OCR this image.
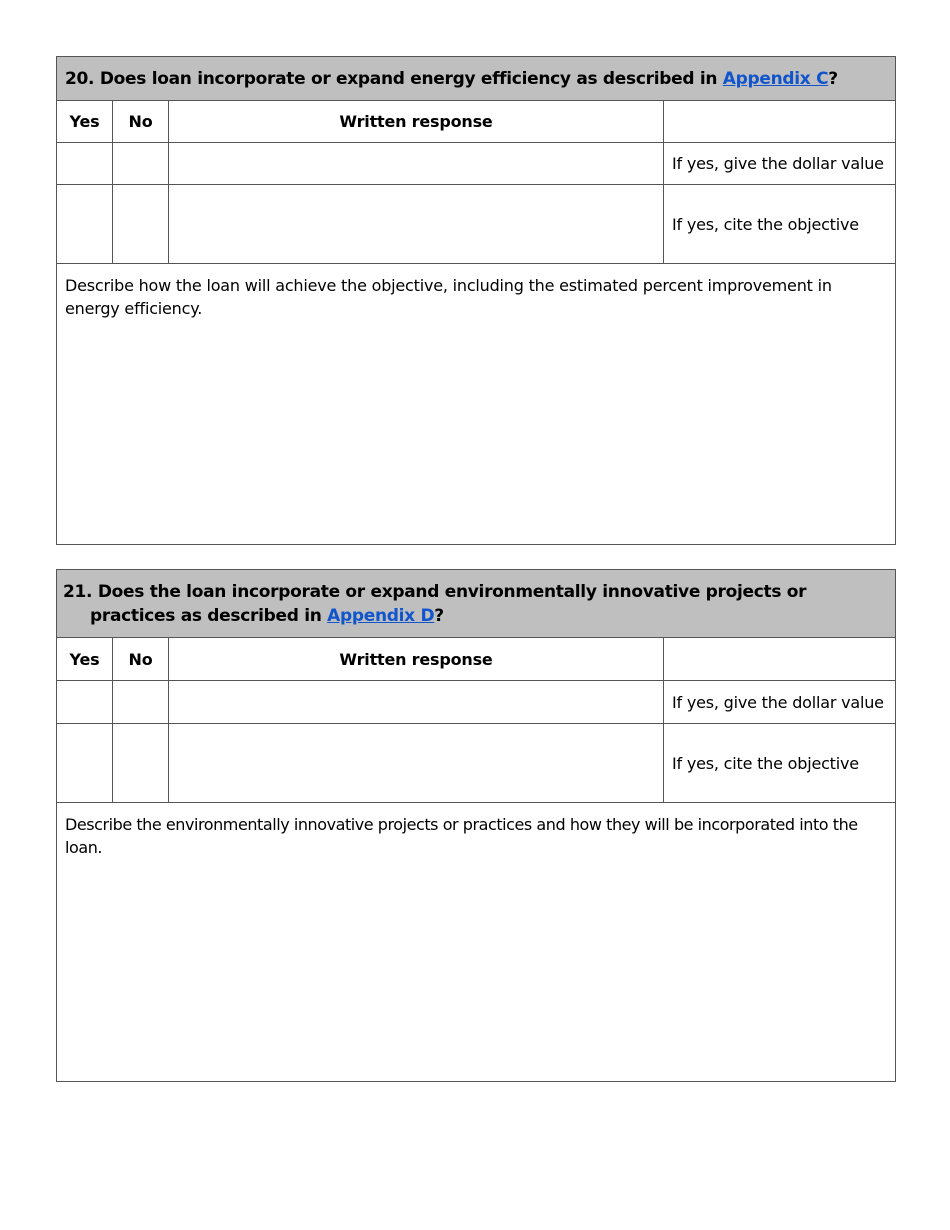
20. Does loan incorporate or expand energy efficiency as described in Appendix C?			

Yes	No	Written response	
			If yes, give the dollar value
			If yes, cite the objective
Describe how the loan will achieve the objective, including the estimated percent improvement in energy efficiency.			
21. Does the loan incorporate or expand environmentally innovative projects or practices as described in Appendix D?			

Yes	No	Written response	
			If yes, give the dollar value
			If yes, cite the objective
Describe the environmentally innovative projects or practices and how they will be incorporated into the loan.			
